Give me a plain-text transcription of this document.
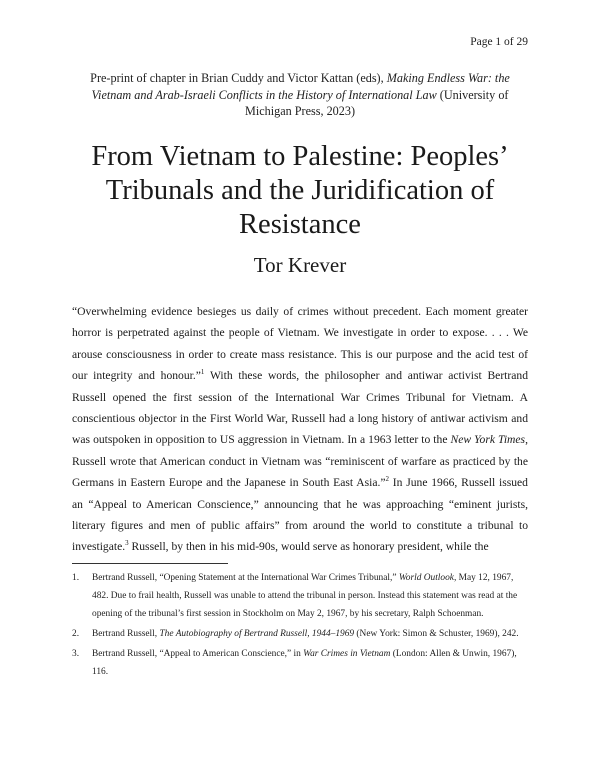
Page 1 of 29
Pre-print of chapter in Brian Cuddy and Victor Kattan (eds), Making Endless War: the Vietnam and Arab-Israeli Conflicts in the History of International Law (University of Michigan Press, 2023)
From Vietnam to Palestine: Peoples’ Tribunals and the Juridification of Resistance
Tor Krever

“Overwhelming evidence besieges us daily of crimes without precedent. Each moment greater horror is perpetrated against the people of Vietnam. We investigate in order to expose. . . . We arouse consciousness in order to create mass resistance. This is our purpose and the acid test of our integrity and honour.”$^1$ With these words, the philosopher and antiwar activist Bertrand Russell opened the first session of the International War Crimes Tribunal for Vietnam. A conscientious objector in the First World War, Russell had a long history of antiwar activism and was outspoken in opposition to US aggression in Vietnam. In a 1963 letter to the New York Times, Russell wrote that American conduct in Vietnam was “reminiscent of warfare as practiced by the Germans in Eastern Europe and the Japanese in South East Asia.”$^2$ In June 1966, Russell issued an “Appeal to American Conscience,” announcing that he was approaching “eminent jurists, literary figures and men of public affairs” from around the world to constitute a tribunal to investigate.$^3$ Russell, by then in his mid-90s, would serve as honorary president, while the

1. Bertrand Russell, “Opening Statement at the International War Crimes Tribunal,” World Outlook, May 12, 1967, 482. Due to frail health, Russell was unable to attend the tribunal in person. Instead this statement was read at the opening of the tribunal’s first session in Stockholm on May 2, 1967, by his secretary, Ralph Schoenman.
2. Bertrand Russell, The Autobiography of Bertrand Russell, 1944–1969 (New York: Simon & Schuster, 1969), 242.
3. Bertrand Russell, “Appeal to American Conscience,” in War Crimes in Vietnam (London: Allen & Unwin, 1967), 116.
